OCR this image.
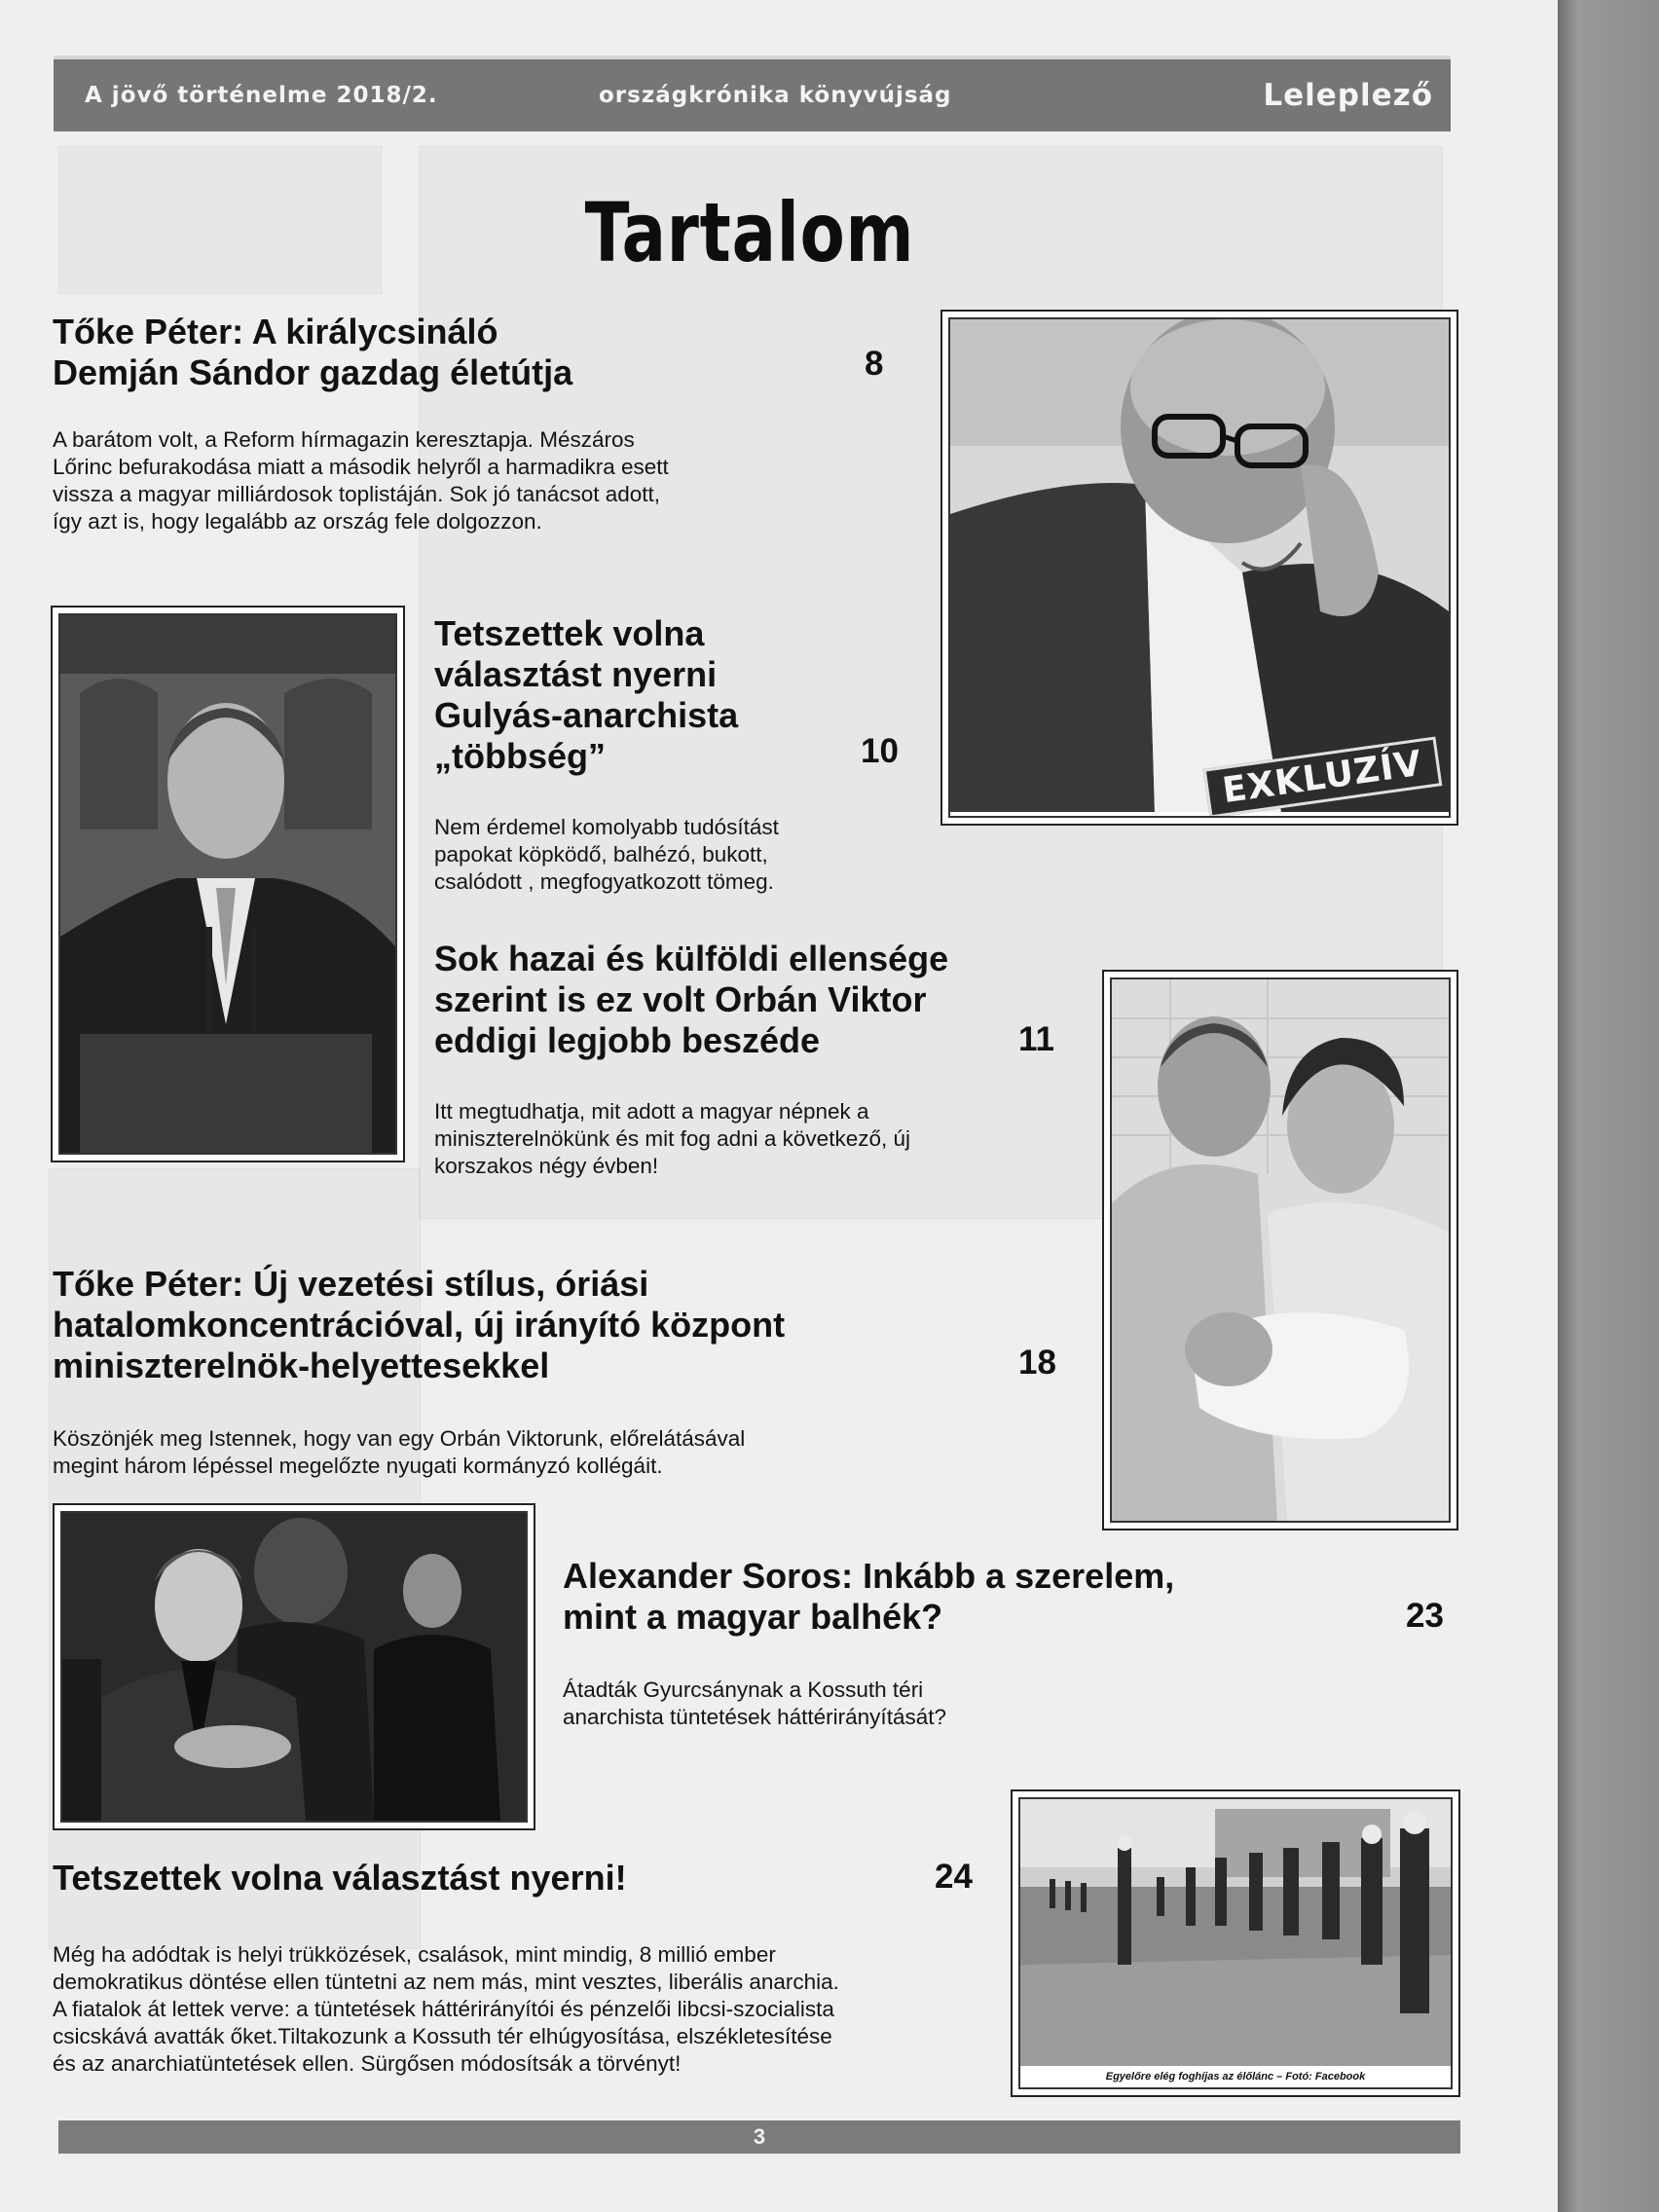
A jövő történelme 2018/2.	országkrónika könyvújság	Leleplező
Tartalom
Tőke Péter: A királycsináló
Demján Sándor gazdag életútja	8

A barátom volt, a Reform hírmagazin keresztapja. Mészáros
Lőrinc befurakodása miatt a második helyről a harmadikra esett
vissza a magyar milliárdosok toplistáján. Sok jó tanácsot adott,
így azt is, hogy legalább az ország fele dolgozzon.

EXKLUZÍV
Tetszettek volna
választást nyerni
Gulyás-anarchista
„többség”	10

Nem érdemel komolyabb tudósítást
papokat köpködő, balhézó, bukott,
csalódott , megfogyatkozott tömeg.

Sok hazai és külföldi ellensége
szerint is ez volt Orbán Viktor
eddigi legjobb beszéde	11

Itt megtudhatja, mit adott a magyar népnek a
miniszterelnökünk és mit fog adni a következő, új
korszakos négy évben!

Tőke Péter: Új vezetési stílus, óriási
hatalomkoncentrációval, új irányító központ
miniszterelnök-helyettesekkel	18

Köszönjék meg Istennek, hogy van egy Orbán Viktorunk, előrelátásával
megint három lépéssel megelőzte nyugati kormányzó kollégáit.

Alexander Soros: Inkább a szerelem,
mint a magyar balhék?	23

Átadták Gyurcsánynak a Kossuth téri
anarchista tüntetések háttérirányítását?

Tetszettek volna választást nyerni!	24

Még ha adódtak is helyi trükközések, csalások, mint mindig, 8 millió ember
demokratikus döntése ellen tüntetni az nem más, mint vesztes, liberális anarchia.
A fiatalok át lettek verve: a tüntetések háttérirányítói és pénzelői libcsi-szocialista
csicskává avatták őket.Tiltakozunk a Kossuth tér elhúgyosítása, elszékletesítése
és az anarchiatüntetések ellen. Sürgősen módosítsák a törvényt!

Egyelőre elég foghíjas az élőlánc – Fotó: Facebook
3
Antikvárium.hu
